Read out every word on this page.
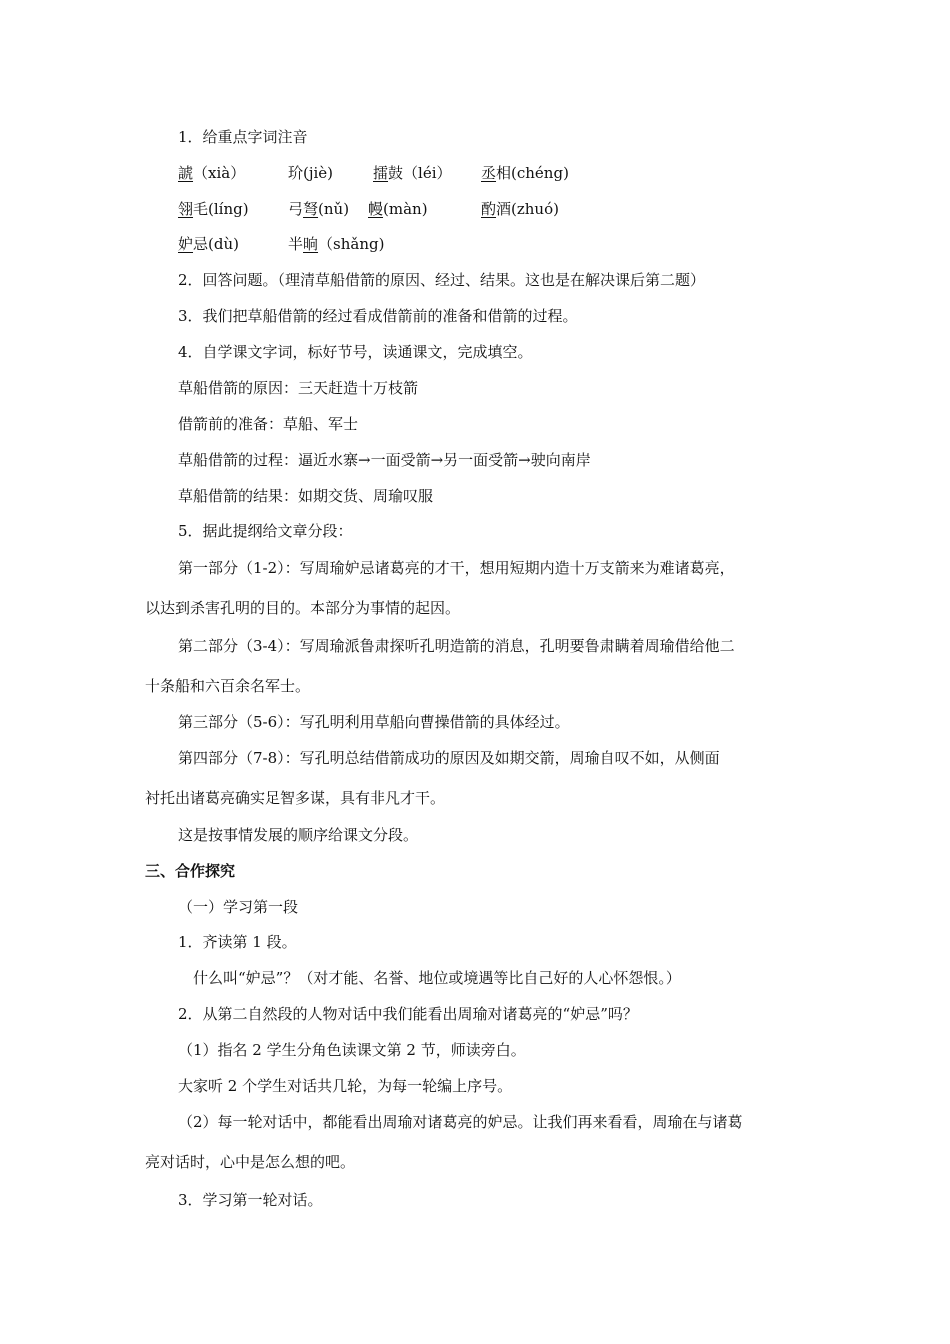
1．给重点字词注音
諕（xià）	玠(jiè)	擂鼓（léi） 丞相(chéng)
翎毛(líng)	弓弩(nǔ) 幔(màn)	酌酒(zhuó)
妒忌(dù)	半晌（shǎng)
2．回答问题。（理清草船借箭的原因、经过、结果。这也是在解决课后第二题）
3．我们把草船借箭的经过看成借箭前的准备和借箭的过程。
4．自学课文字词，标好节号，读通课文，完成填空。
草船借箭的原因：三天赶造十万枝箭
借箭前的准备：草船、军士
草船借箭的过程：逼近水寨→一面受箭→另一面受箭→驶向南岸
草船借箭的结果：如期交货、周瑜叹服
5．据此提纲给文章分段：
第一部分（1-2）：写周瑜妒忌诸葛亮的才干，想用短期内造十万支箭来为难诸葛亮，
以达到杀害孔明的目的。本部分为事情的起因。
第二部分（3-4）：写周瑜派鲁肃探听孔明造箭的消息，孔明要鲁肃瞒着周瑜借给他二
十条船和六百余名军士。
第三部分（5-6）：写孔明利用草船向曹操借箭的具体经过。
第四部分（7-8）：写孔明总结借箭成功的原因及如期交箭，周瑜自叹不如，从侧面
衬托出诸葛亮确实足智多谋，具有非凡才干。
这是按事情发展的顺序给课文分段。
三、合作探究
（一）学习第一段
1．齐读第 1 段。
什么叫“妒忌”？（对才能、名誉、地位或境遇等比自己好的人心怀怨恨。）
2．从第二自然段的人物对话中我们能看出周瑜对诸葛亮的“妒忌”吗？
（1）指名 2 学生分角色读课文第 2 节，师读旁白。
大家听 2 个学生对话共几轮，为每一轮编上序号。
（2）每一轮对话中，都能看出周瑜对诸葛亮的妒忌。让我们再来看看，周瑜在与诸葛
亮对话时，心中是怎么想的吧。
3．学习第一轮对话。
